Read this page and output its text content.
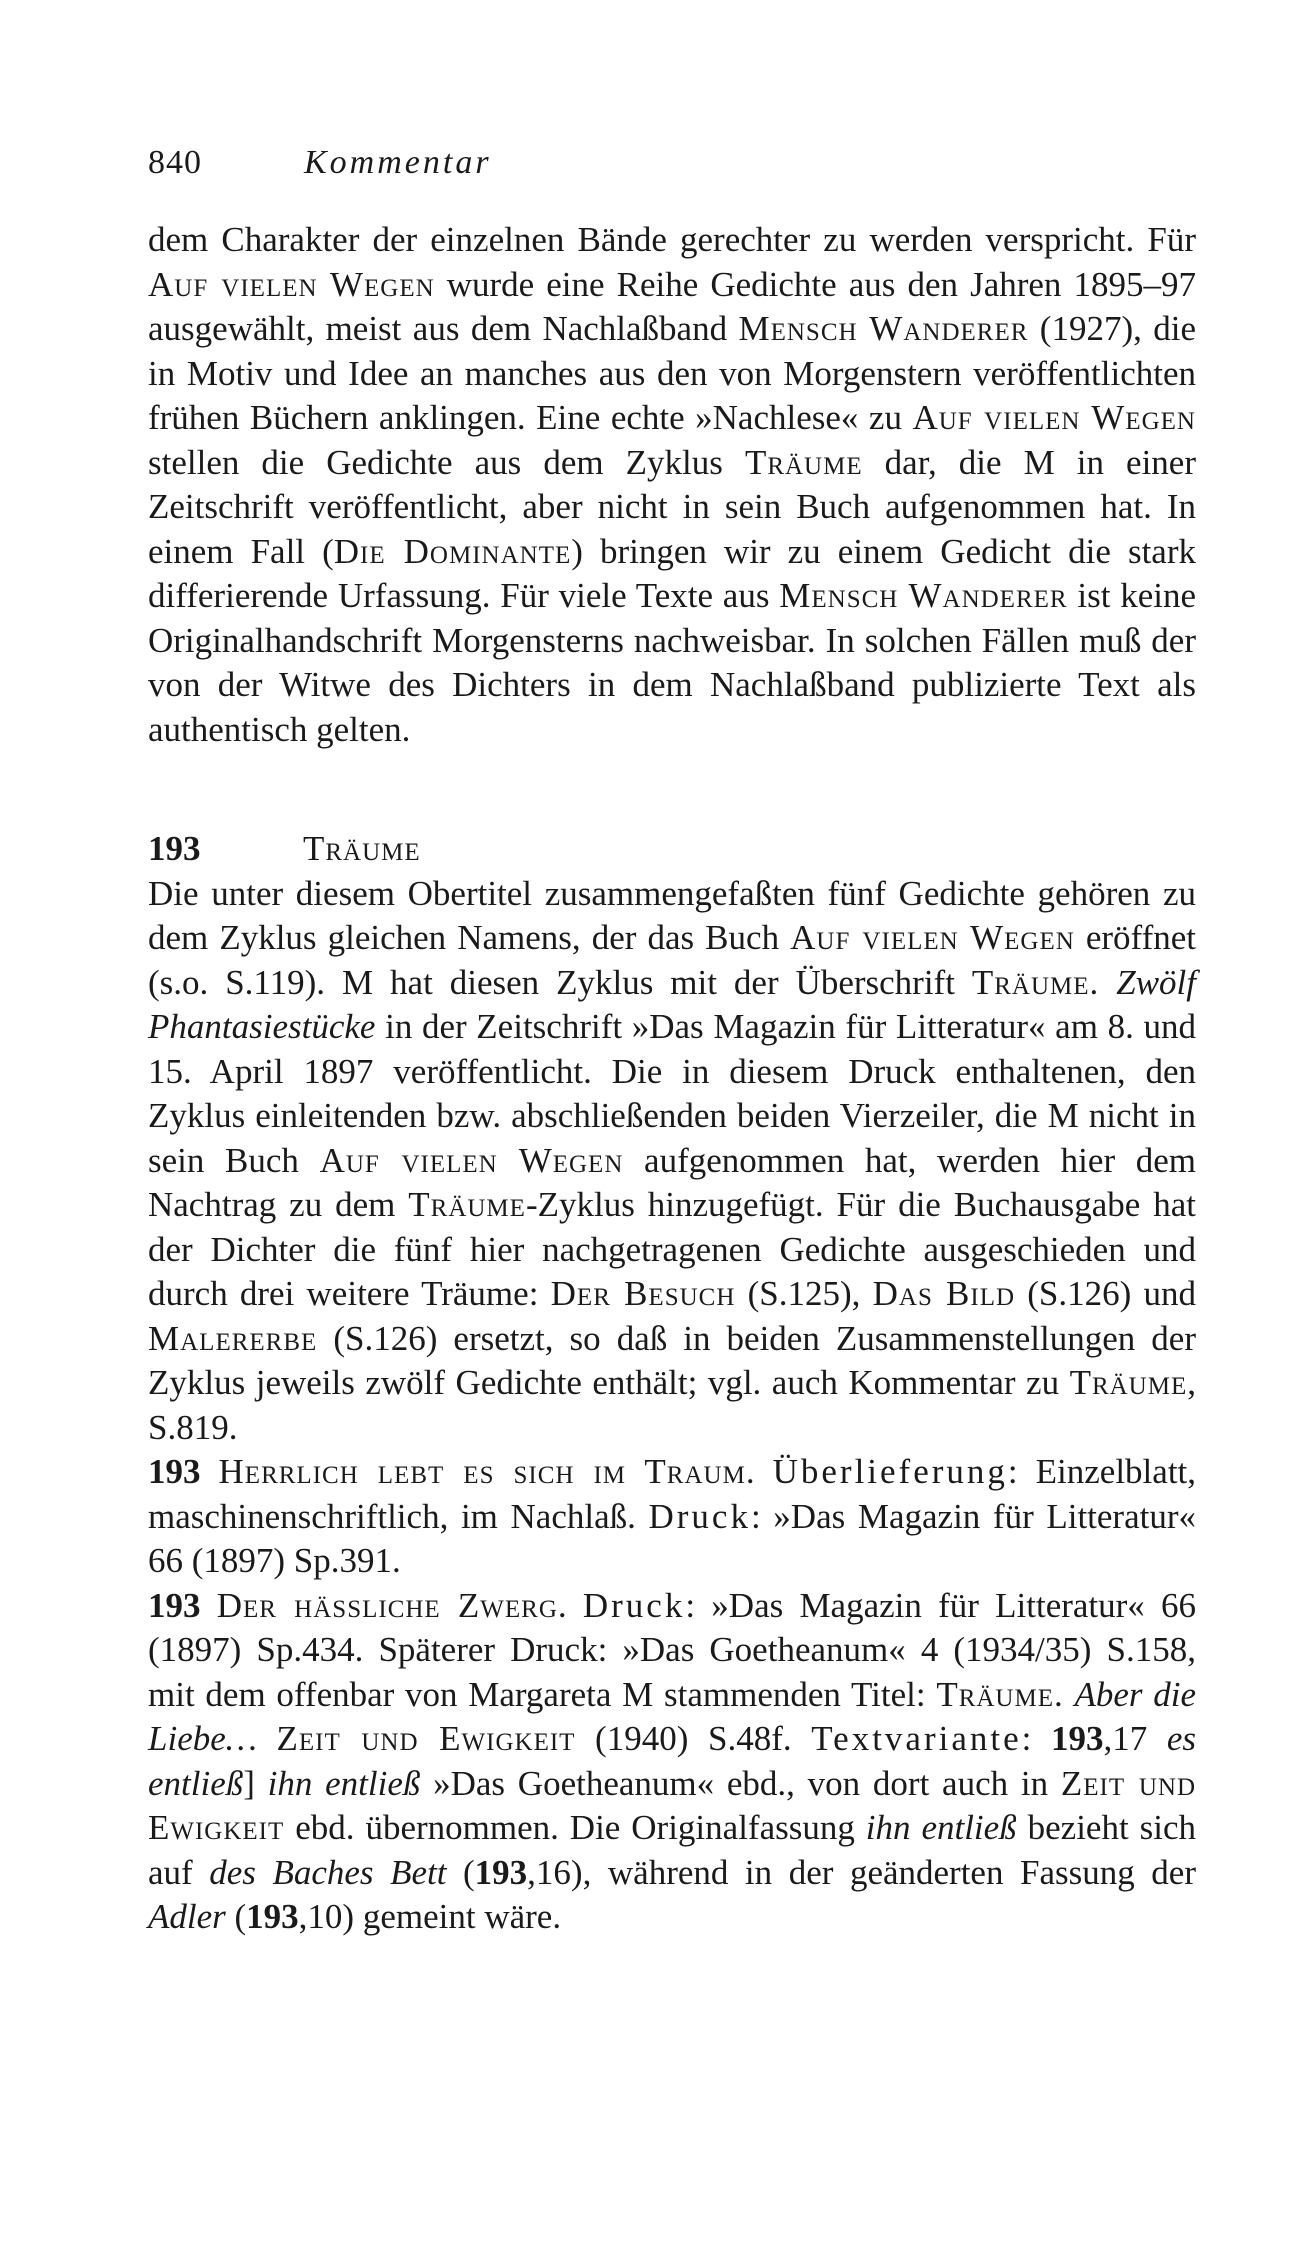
840	Kommentar

dem Charakter der einzelnen Bände gerechter zu werden verspricht. Für Auf vielen Wegen wurde eine Reihe Gedichte aus den Jahren 1895–97 ausgewählt, meist aus dem Nachlaßband Mensch Wanderer (1927), die in Motiv und Idee an manches aus den von Morgenstern veröffentlichten frühen Büchern anklingen. Eine echte »Nachlese« zu Auf vielen Wegen stellen die Gedichte aus dem Zyklus Träume dar, die M in einer Zeitschrift veröffentlicht, aber nicht in sein Buch aufgenommen hat. In einem Fall (Die Dominante) bringen wir zu einem Gedicht die stark differierende Urfassung. Für viele Texte aus Mensch Wanderer ist keine Originalhandschrift Morgensterns nachweisbar. In solchen Fällen muß der von der Witwe des Dichters in dem Nachlaßband publizierte Text als authentisch gelten.

193	Träume

Die unter diesem Obertitel zusammengefaßten fünf Gedichte gehören zu dem Zyklus gleichen Namens, der das Buch Auf vielen Wegen eröffnet (s.o. S.119). M hat diesen Zyklus mit der Überschrift Träume. Zwölf Phantasiestücke in der Zeitschrift »Das Magazin für Litteratur« am 8. und 15. April 1897 veröffentlicht. Die in diesem Druck enthaltenen, den Zyklus einleitenden bzw. abschließenden beiden Vierzeiler, die M nicht in sein Buch Auf vielen Wegen aufgenommen hat, werden hier dem Nachtrag zu dem Träume-Zyklus hinzugefügt. Für die Buchausgabe hat der Dichter die fünf hier nachgetragenen Gedichte ausgeschieden und durch drei weitere Träume: Der Besuch (S.125), Das Bild (S.126) und Malererbe (S.126) ersetzt, so daß in beiden Zusammenstellungen der Zyklus jeweils zwölf Gedichte enthält; vgl. auch Kommentar zu Träume, S.819.

193 Herrlich lebt es sich im Traum. Überlieferung: Einzelblatt, maschinenschriftlich, im Nachlaß. Druck: »Das Magazin für Litteratur« 66 (1897) Sp.391.

193 Der hässliche Zwerg. Druck: »Das Magazin für Litteratur« 66 (1897) Sp.434. Späterer Druck: »Das Goetheanum« 4 (1934/35) S.158, mit dem offenbar von Margareta M stammenden Titel: Träume. Aber die Liebe… Zeit und Ewigkeit (1940) S.48f. Textvariante: 193,17 es entließ] ihn entließ »Das Goetheanum« ebd., von dort auch in Zeit und Ewigkeit ebd. übernommen. Die Originalfassung ihn entließ bezieht sich auf des Baches Bett (193,16), während in der geänderten Fassung der Adler (193,10) gemeint wäre.
